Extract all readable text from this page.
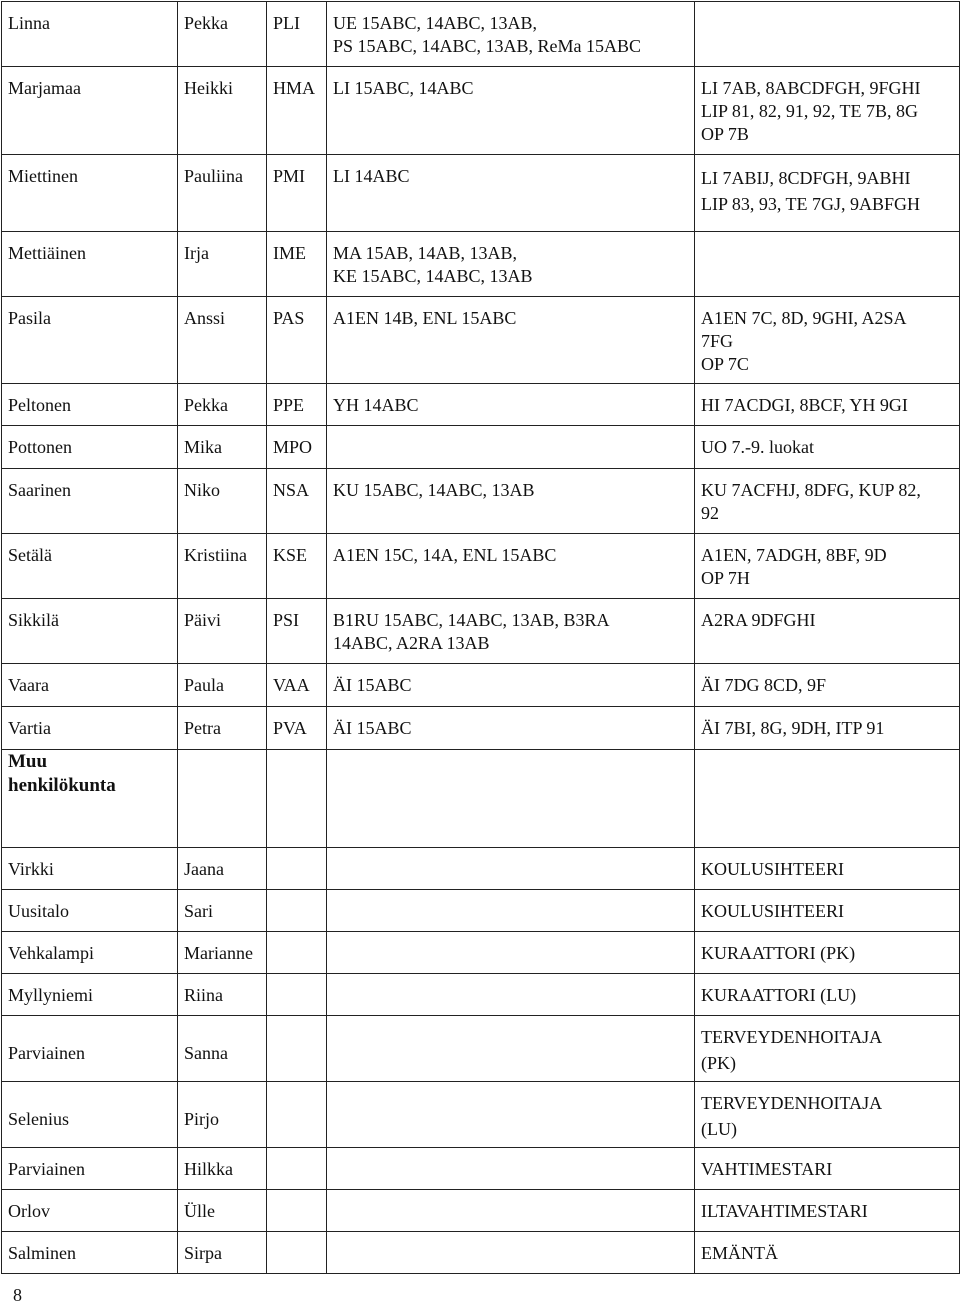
Linna	Pekka	PLI	UE 15ABC, 14ABC, 13AB,
PS 15ABC, 14ABC, 13AB, ReMa 15ABC	
Marjamaa	Heikki	HMA	LI 15ABC, 14ABC	LI 7AB, 8ABCDFGH, 9FGHI
LIP 81, 82, 91, 92, TE 7B, 8G
OP 7B
Miettinen	Pauliina	PMI	LI 14ABC	LI 7ABIJ, 8CDFGH, 9ABHI
LIP 83, 93, TE 7GJ, 9ABFGH
Mettiäinen	Irja	IME	MA 15AB, 14AB, 13AB,
KE 15ABC, 14ABC, 13AB	
Pasila	Anssi	PAS	A1EN 14B, ENL 15ABC	A1EN 7C, 8D, 9GHI, A2SA
7FG
OP 7C
Peltonen	Pekka	PPE	YH 14ABC	HI 7ACDGI, 8BCF, YH 9GI
Pottonen	Mika	MPO		UO 7.-9. luokat
Saarinen	Niko	NSA	KU 15ABC, 14ABC, 13AB	KU 7ACFHJ, 8DFG, KUP 82,
92
Setälä	Kristiina	KSE	A1EN 15C, 14A, ENL 15ABC	A1EN, 7ADGH, 8BF, 9D
OP 7H
Sikkilä	Päivi	PSI	B1RU 15ABC, 14ABC, 13AB, B3RA
14ABC, A2RA 13AB	A2RA 9DFGHI
Vaara	Paula	VAA	ÄI 15ABC	ÄI 7DG 8CD, 9F
Vartia	Petra	PVA	ÄI 15ABC	ÄI 7BI, 8G, 9DH, ITP 91
Muu
henkilökunta				
Virkki	Jaana			KOULUSIHTEERI
Uusitalo	Sari			KOULUSIHTEERI
Vehkalampi	Marianne			KURAATTORI (PK)
Myllyniemi	Riina			KURAATTORI (LU)
Parviainen	Sanna			TERVEYDENHOITAJA
(PK)
Selenius	Pirjo			TERVEYDENHOITAJA
(LU)
Parviainen	Hilkka			VAHTIMESTARI
Orlov	Ülle			ILTAVAHTIMESTARI
Salminen	Sirpa			EMÄNTÄ
8
